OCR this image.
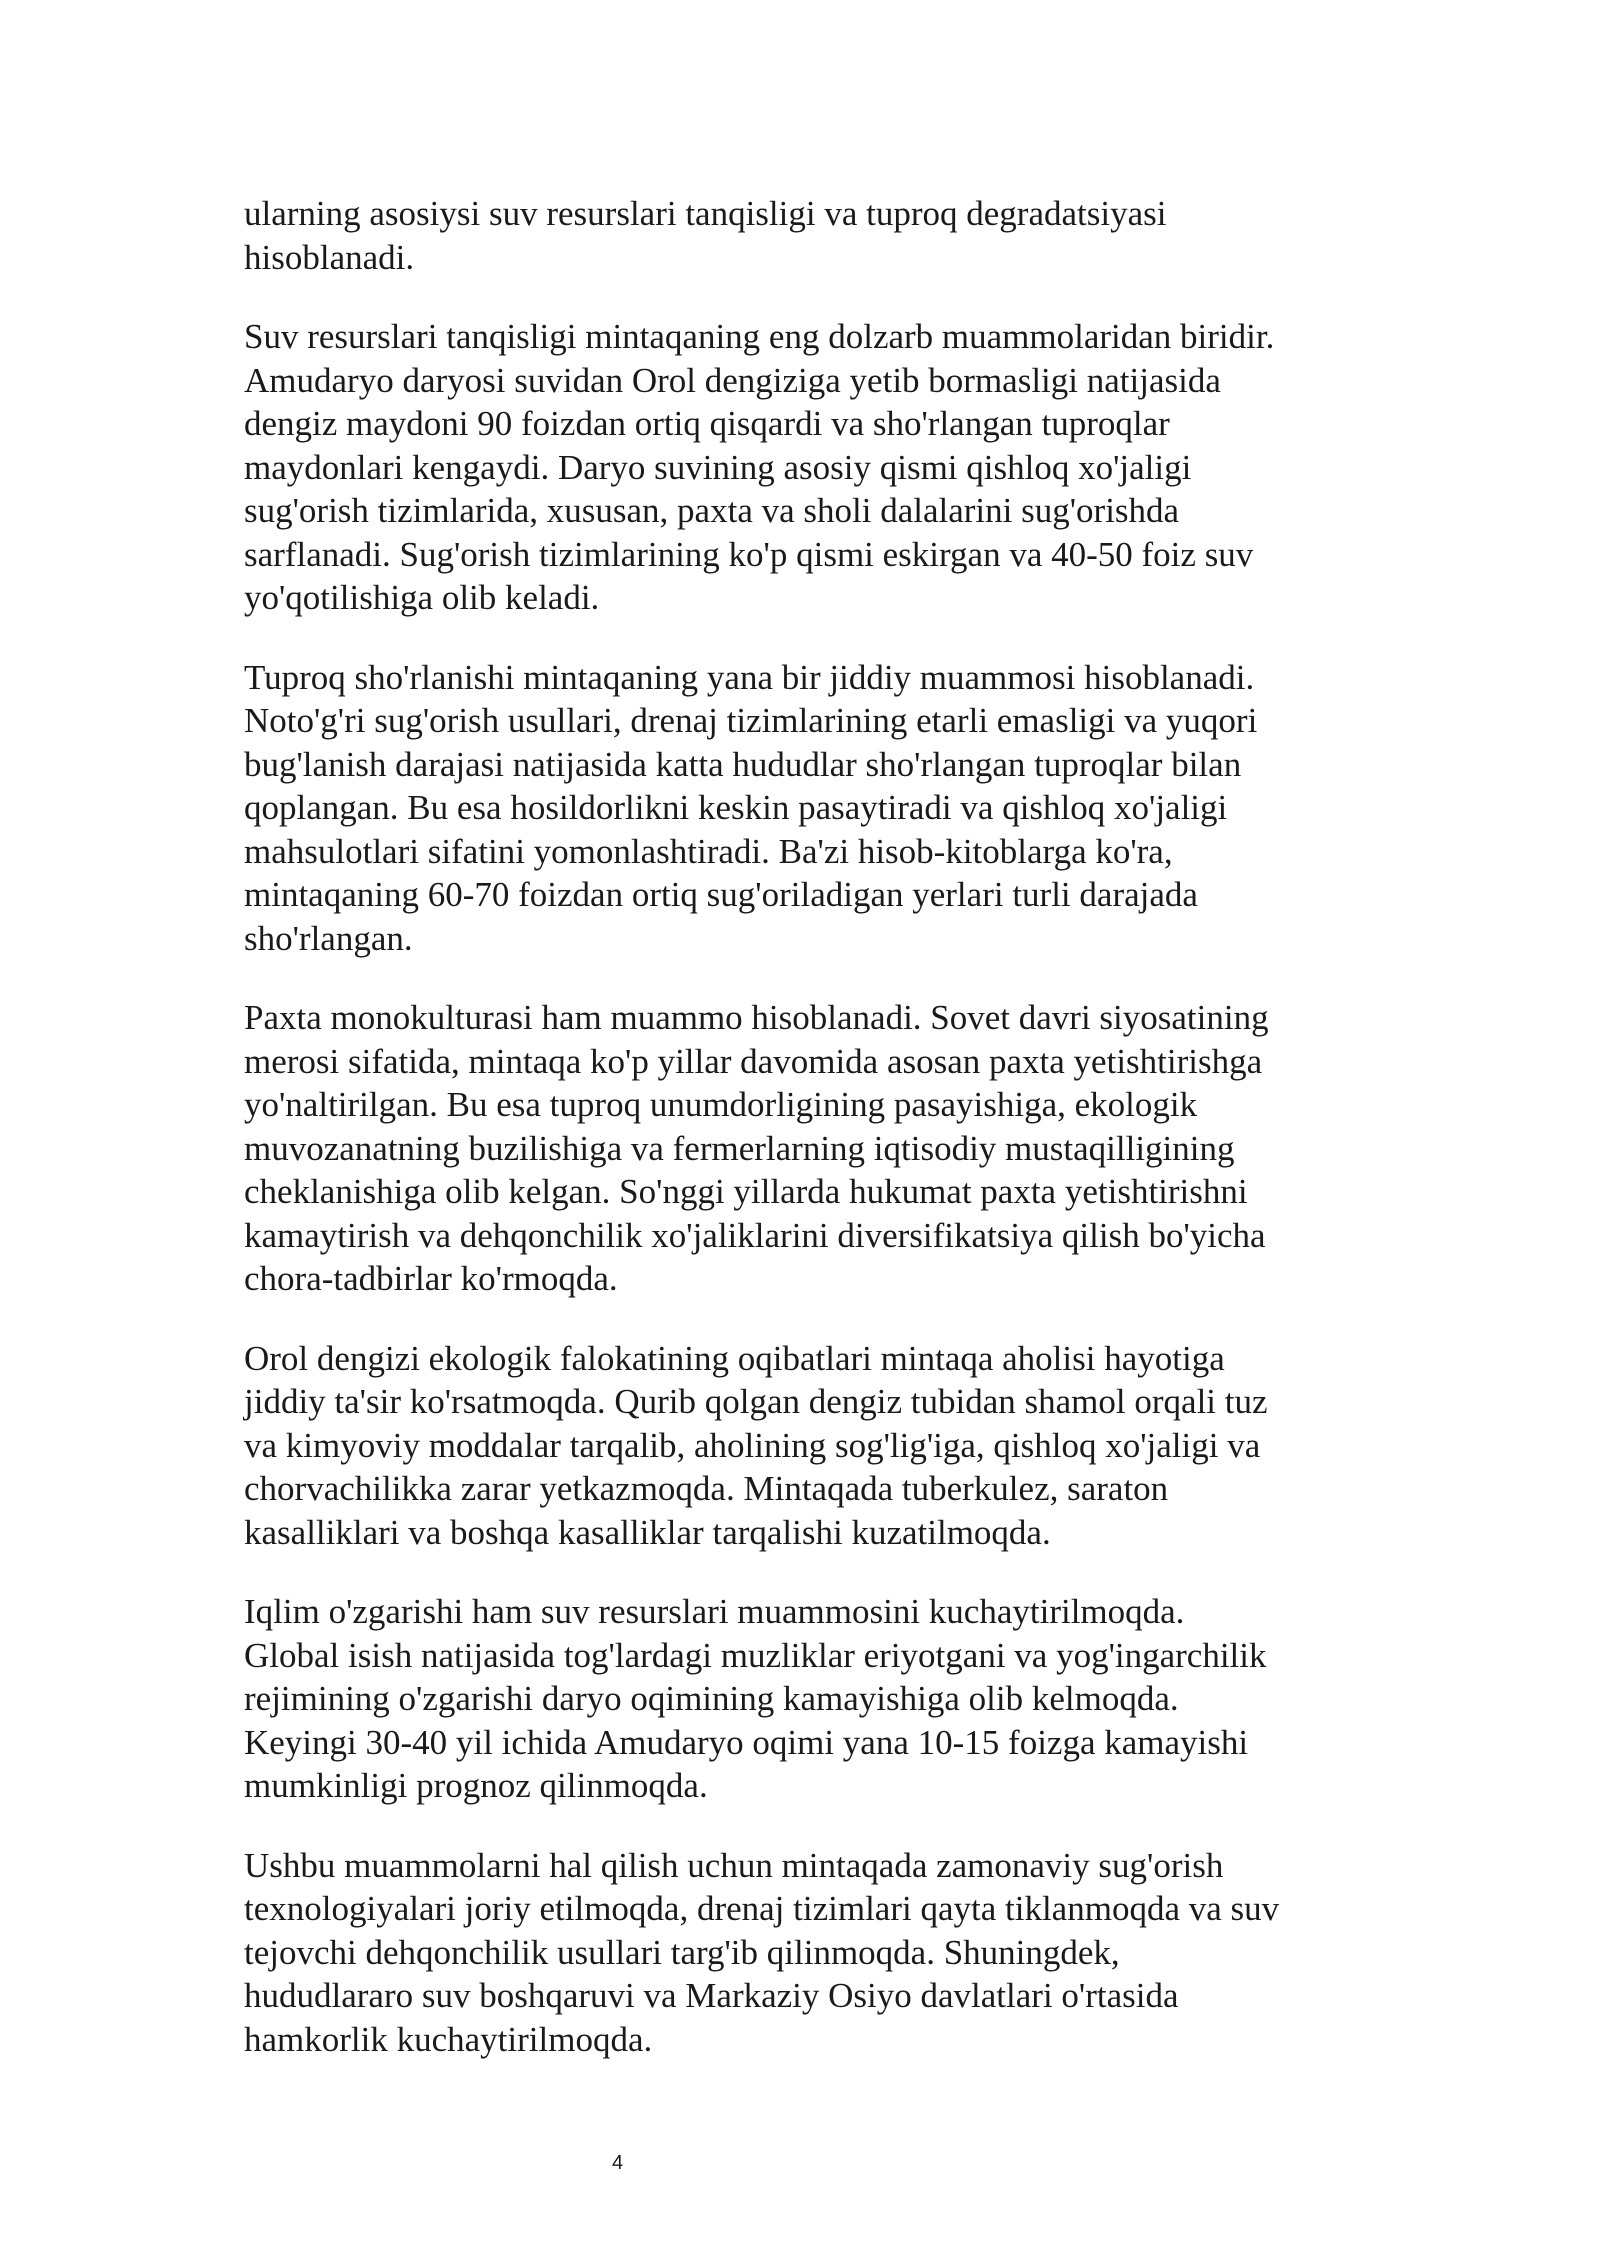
ularning asosiysi suv resurslari tanqisligi va tuproq degradatsiyasi
hisoblanadi.

Suv resurslari tanqisligi mintaqaning eng dolzarb muammolaridan biridir.
Amudaryo daryosi suvidan Orol dengiziga yetib bormasligi natijasida
dengiz maydoni 90 foizdan ortiq qisqardi va sho'rlangan tuproqlar
maydonlari kengaydi. Daryo suvining asosiy qismi qishloq xo'jaligi
sug'orish tizimlarida, xususan, paxta va sholi dalalarini sug'orishda
sarflanadi. Sug'orish tizimlarining ko'p qismi eskirgan va 40-50 foiz suv
yo'qotilishiga olib keladi.

Tuproq sho'rlanishi mintaqaning yana bir jiddiy muammosi hisoblanadi.
Noto'g'ri sug'orish usullari, drenaj tizimlarining etarli emasligi va yuqori
bug'lanish darajasi natijasida katta hududlar sho'rlangan tuproqlar bilan
qoplangan. Bu esa hosildorlikni keskin pasaytiradi va qishloq xo'jaligi
mahsulotlari sifatini yomonlashtiradi. Ba'zi hisob-kitoblarga ko'ra,
mintaqaning 60-70 foizdan ortiq sug'oriladigan yerlari turli darajada
sho'rlangan.

Paxta monokulturasi ham muammo hisoblanadi. Sovet davri siyosatining
merosi sifatida, mintaqa ko'p yillar davomida asosan paxta yetishtirishga
yo'naltirilgan. Bu esa tuproq unumdorligining pasayishiga, ekologik
muvozanatning buzilishiga va fermerlarning iqtisodiy mustaqilligining
cheklanishiga olib kelgan. So'nggi yillarda hukumat paxta yetishtirishni
kamaytirish va dehqonchilik xo'jaliklarini diversifikatsiya qilish bo'yicha
chora-tadbirlar ko'rmoqda.

Orol dengizi ekologik falokatining oqibatlari mintaqa aholisi hayotiga
jiddiy ta'sir ko'rsatmoqda. Qurib qolgan dengiz tubidan shamol orqali tuz
va kimyoviy moddalar tarqalib, aholining sog'lig'iga, qishloq xo'jaligi va
chorvachilikka zarar yetkazmoqda. Mintaqada tuberkulez, saraton
kasalliklari va boshqa kasalliklar tarqalishi kuzatilmoqda.

Iqlim o'zgarishi ham suv resurslari muammosini kuchaytirilmoqda.
Global isish natijasida tog'lardagi muzliklar eriyotgani va yog'ingarchilik
rejimining o'zgarishi daryo oqimining kamayishiga olib kelmoqda.
Keyingi 30-40 yil ichida Amudaryo oqimi yana 10-15 foizga kamayishi
mumkinligi prognoz qilinmoqda.

Ushbu muammolarni hal qilish uchun mintaqada zamonaviy sug'orish
texnologiyalari joriy etilmoqda, drenaj tizimlari qayta tiklanmoqda va suv
tejovchi dehqonchilik usullari targ'ib qilinmoqda. Shuningdek,
hududlararo suv boshqaruvi va Markaziy Osiyo davlatlari o'rtasida
hamkorlik kuchaytirilmoqda.

4
